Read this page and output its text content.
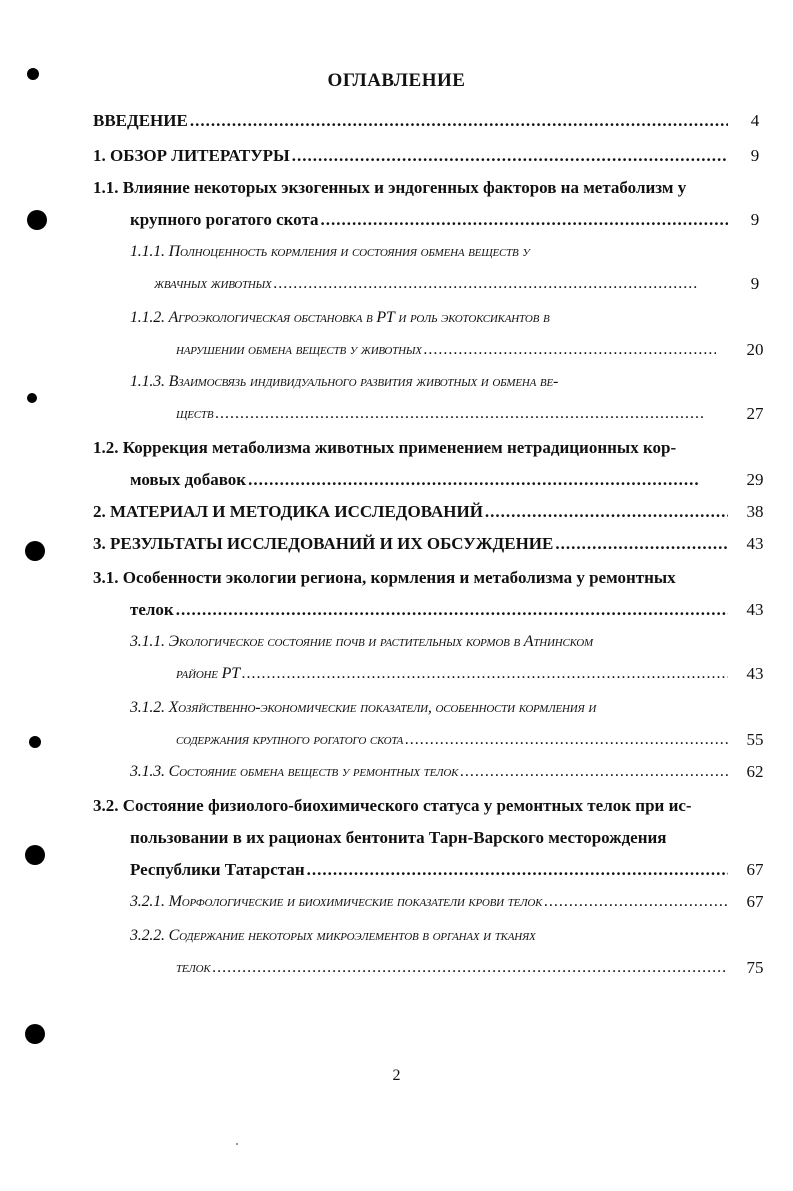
ОГЛАВЛЕНИЕ
ВВЕДЕНИЕ .....	4
1. ОБЗОР ЛИТЕРАТУРЫ .....	9
1.1. Влияние некоторых экзогенных и эндогенных факторов на метаболизм у
крупного рогатого скота .....	9
1.1.1. Полноценность кормления и состояния обмена веществ у
жвачных животных .....	9
1.1.2. Агроэкологическая обстановка в РТ и роль экотоксикантов в
нарушении обмена веществ у животных .....	20
1.1.3. Взаимосвязь индивидуального развития животных и обмена ве-
ществ .....	27
1.2. Коррекция метаболизма животных применением нетрадиционных кор-
мовых добавок .....	29
2. МАТЕРИАЛ И МЕТОДИКА ИССЛЕДОВАНИЙ .....	38
3. РЕЗУЛЬТАТЫ ИССЛЕДОВАНИЙ И ИХ ОБСУЖДЕНИЕ .....	43
3.1. Особенности экологии региона, кормления и метаболизма у ремонтных
телок .....	43
3.1.1. Экологическое состояние почв и растительных кормов в Атнинском
районе РТ .....	43
3.1.2. Хозяйственно-экономические показатели, особенности кормления и
содержания крупного рогатого скота .....	55
3.1.3. Состояние обмена веществ у ремонтных телок .....	62
3.2. Состояние физиолого-биохимического статуса у ремонтных телок при ис-
пользовании в их рационах бентонита Тарн-Варского месторождения
Республики Татарстан .....	67
3.2.1. Морфологические и биохимические показатели крови телок .....	67
3.2.2. Содержание некоторых микроэлементов в органах и тканях
телок .....	75
2
